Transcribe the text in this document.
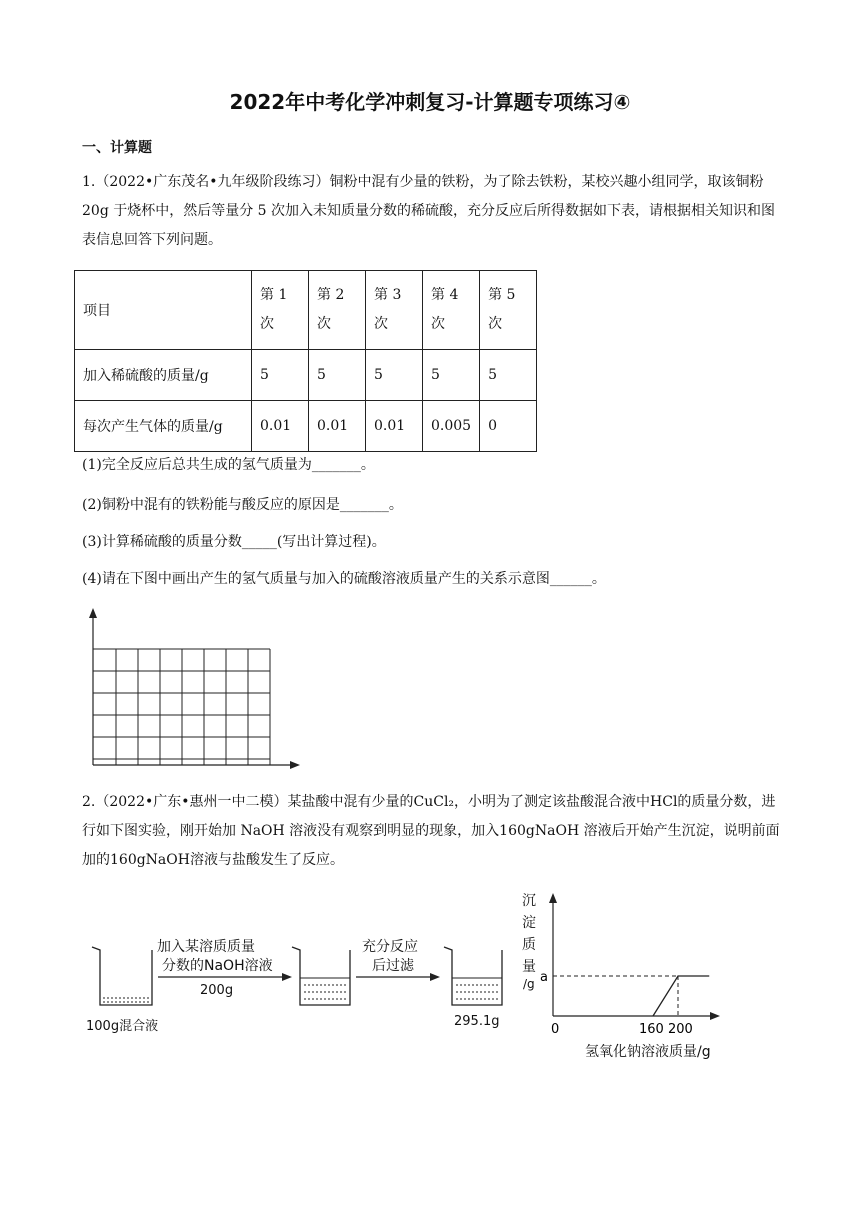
2022年中考化学冲刺复习-计算题专项练习④
一、计算题
1.（2022•广东茂名•九年级阶段练习）铜粉中混有少量的铁粉，为了除去铁粉，某校兴趣小组同学，取该铜粉 20g 于烧杯中，然后等量分 5 次加入未知质量分数的稀硫酸，充分反应后所得数据如下表，请根据相关知识和图表信息回答下列问题。
项目	第 1 次	第 2 次	第 3 次	第 4 次	第 5 次
加入稀硫酸的质量/g	5	5	5	5	5
每次产生气体的质量/g	0.01	0.01	0.01	0.005	0
(1)完全反应后总共生成的氢气质量为_______。
(2)铜粉中混有的铁粉能与酸反应的原因是_______。
(3)计算稀硫酸的质量分数_____(写出计算过程)。
(4)请在下图中画出产生的氢气质量与加入的硫酸溶液质量产生的关系示意图______。
2.（2022•广东•惠州一中二模）某盐酸中混有少量的CuCl₂，小明为了测定该盐酸混合液中HCl的质量分数，进行如下图实验，刚开始加 NaOH 溶液没有观察到明显的现象，加入160gNaOH 溶液后开始产生沉淀，说明前面加的160gNaOH溶液与盐酸发生了反应。
100g混合液
加入某溶质质量
分数的NaOH溶液
200g
充分反应
后过滤
295.1g
沉
淀
质
量
/g
0	160 200
a
氢氧化钠溶液质量/g
